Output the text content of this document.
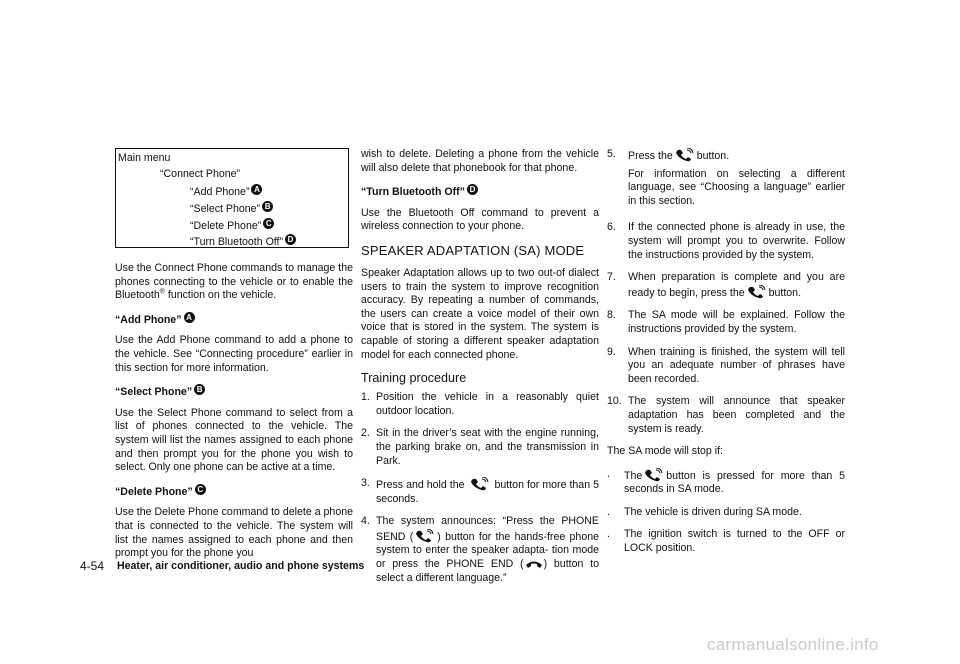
Main menu
“Connect Phone”
“Add Phone” A
“Select Phone” B
“Delete Phone” C
“Turn Bluetooth Off” D

Use the Connect Phone commands to manage the phones connecting to the vehicle or to enable the Bluetooth® function on the vehicle.

“Add Phone” A

Use the Add Phone command to add a phone to the vehicle. See “Connecting procedure” earlier in this section for more information.

“Select Phone” B

Use the Select Phone command to select from a list of phones connected to the vehicle. The system will list the names assigned to each phone and then prompt you for the phone you wish to select. Only one phone can be active at a time.

“Delete Phone” C

Use the Delete Phone command to delete a phone that is connected to the vehicle. The system will list the names assigned to each phone and then prompt you for the phone you

wish to delete. Deleting a phone from the vehicle will also delete that phonebook for that phone.

“Turn Bluetooth Off” D

Use the Bluetooth Off command to prevent a wireless connection to your phone.

SPEAKER ADAPTATION (SA) MODE

Speaker Adaptation allows up to two out-of dialect users to train the system to improve recognition accuracy. By repeating a number of commands, the users can create a voice model of their own voice that is stored in the system. The system is capable of storing a different speaker adaptation model for each connected phone.

Training procedure
1. Position the vehicle in a reasonably quiet outdoor location.
2. Sit in the driver’s seat with the engine running, the parking brake on, and the transmission in Park.
3. Press and hold the	button for more than 5 seconds.
4. The system announces: “Press the PHONE SEND ( ) button for the hands-free phone system to enter the speaker adapta- tion mode or press the PHONE END ( ) button to select a different language.”
5.	Press the button.

For information on selecting a different language, see “Choosing a language” earlier in this section.

6.	If the connected phone is already in use, the system will prompt you to overwrite. Follow the instructions provided by the system.
7.	When preparation is complete and you are ready to begin, press the button.
8.	The SA mode will be explained. Follow the instructions provided by the system.
9.	When training is finished, the system will tell you an adequate number of phrases have been recorded.
10. The system will announce that speaker adaptation has been completed and the system is ready.

The SA mode will stop if:

.	The button is pressed for more than 5 seconds in SA mode.
.	The vehicle is driven during SA mode.
.	The ignition switch is turned to the OFF or LOCK position.
4-54 Heater, air conditioner, audio and phone systems
carmanualsonline.info
